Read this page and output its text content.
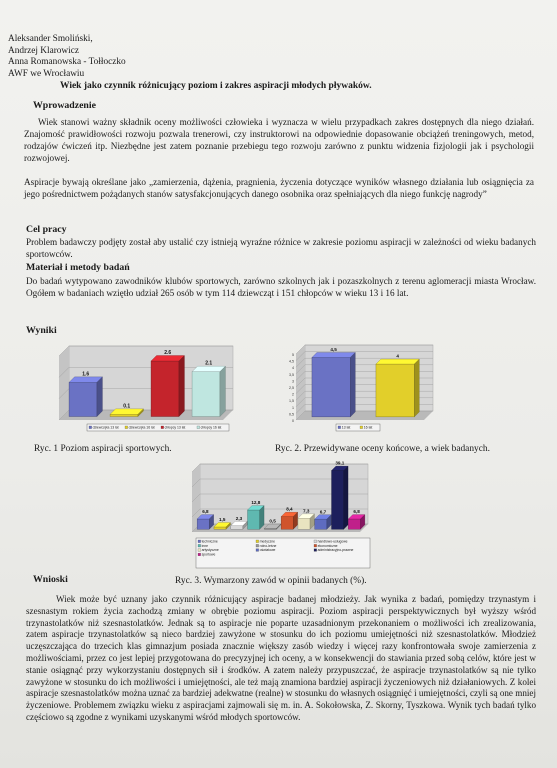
Aleksander Smoliński,
Andrzej Klarowicz
Anna Romanowska - Tołłoczko
AWF we Wrocławiu
Wiek jako czynnik różnicujący poziom i zakres aspiracji młodych pływaków.
Wprowadzenie

Wiek stanowi ważny składnik oceny możliwości człowieka i wyznacza w wielu przypadkach zakres dostępnych dla niego działań. Znajomość prawidłowości rozwoju pozwala trenerowi, czy instruktorowi na odpowiednie dopasowanie obciążeń treningowych, metod, rodzajów ćwiczeń itp. Niezbędne jest zatem poznanie przebiegu tego rozwoju zarówno z punktu widzenia fizjologii jak i psychologii rozwojowej.

Aspiracje bywają określane jako „zamierzenia, dążenia, pragnienia, życzenia dotyczące wyników własnego działania lub osiągnięcia za jego pośrednictwem pożądanych stanów satysfakcjonujących danego osobnika oraz spełniających dla niego funkcję nagrody”

Cel pracy

Problem badawczy podjęty został aby ustalić czy istnieją wyraźne różnice w zakresie poziomu aspiracji w zależności od wieku badanych sportowców.

Materiał i metody badań

Do badań wytypowano zawodników klubów sportowych, zarówno szkolnych jak i pozaszkolnych z terenu aglomeracji miasta Wrocław. Ogółem w badaniach wziętło udział 265 osób w tym 114 dziewcząt i 151 chłopców w wieku 13 i 16 lat.

Wyniki
1.6
0.1
2.6
2.1
dziewczęta 13 lat	dziewczęta 16 lat	chłopcy 13 lat	chłopcy 16 lat
Ryc. 1 Poziom aspiracji sportowych.
0
0,5
1
1,5
2
2,5
3
3,5
4
4,5
5
4,5
4
13 lat	16 lat
Ryc. 2. Przewidywane oceny końcowe, a wiek badanych.
6,8
1,5 2,3
12,8
0,5
8,4 7,3 6,7
39,1
6,8
techniczne	medyczne	handlowo-usługowe
inne	rolno-leśne	ekonomiczne
artystyczne	oświatowe	administracyjno-prawne
sportowe
Wnioski	Ryc. 3. Wymarzony zawód w opinii badanych (%).

Wiek może być uznany jako czynnik różnicujący aspiracje badanej młodzieży. Jak wynika z badań, pomiędzy trzynastym i szesnastym rokiem życia zachodzą zmiany w obrębie poziomu aspiracji. Poziom aspiracji perspektywicznych był wyższy wśród trzynastolatków niż szesnastolatków. Jednak są to aspiracje nie poparte uzasadnionym przekonaniem o możliwości ich zrealizowania, zatem aspiracje trzynastolatków są nieco bardziej zawyżone w stosunku do ich poziomu umiejętności niż szesnastolatków. Młodzież uczęszczająca do trzecich klas gimnazjum posiada znacznie większy zasób wiedzy i więcej razy konfrontowała swoje zamierzenia z możliwościami, przez co jest lepiej przygotowana do precyzyjnej ich oceny, a w konsekwencji do stawiania przed sobą celów, które jest w stanie osiągnąć przy wykorzystaniu dostępnych sił i środków. A zatem należy przypuszczać, że aspiracje trzynastolatków są nie tylko zawyżone w stosunku do ich możliwości i umiejętności, ale też mają znamiona bardziej aspiracji życzeniowych niż działaniowych. Z kolei aspiracje szesnastolatków można uznać za bardziej adekwatne (realne) w stosunku do własnych osiągnięć i umiejętności, czyli są one mniej życzeniowe. Problemem związku wieku z aspiracjami zajmowali się m. in. A. Sokołowska, Z. Skorny, Tyszkowa. Wynik tych badań tylko częściowo są zgodne z wynikami uzyskanymi wśród młodych sportowców.
